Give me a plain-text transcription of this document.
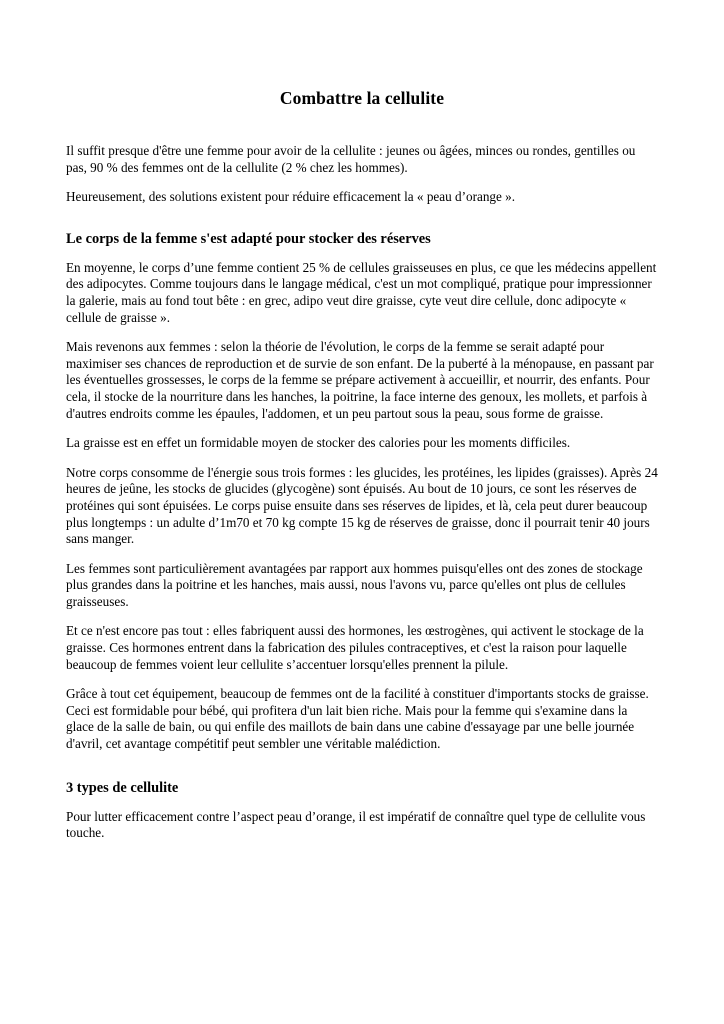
Combattre la cellulite

Il suffit presque d'être une femme pour avoir de la cellulite : jeunes ou âgées, minces ou rondes, gentilles ou pas, 90 % des femmes ont de la cellulite (2 % chez les hommes).

Heureusement, des solutions existent pour réduire efficacement la « peau d’orange ».

Le corps de la femme s'est adapté pour stocker des réserves

En moyenne, le corps d’une femme contient 25 % de cellules graisseuses en plus, ce que les médecins appellent des adipocytes. Comme toujours dans le langage médical, c'est un mot compliqué, pratique pour impressionner la galerie, mais au fond tout bête : en grec, adipo veut dire graisse, cyte veut dire cellule, donc adipocyte « cellule de graisse ».

Mais revenons aux femmes : selon la théorie de l'évolution, le corps de la femme se serait adapté pour maximiser ses chances de reproduction et de survie de son enfant. De la puberté à la ménopause, en passant par les éventuelles grossesses, le corps de la femme se prépare activement à accueillir, et nourrir, des enfants. Pour cela, il stocke de la nourriture dans les hanches, la poitrine, la face interne des genoux, les mollets, et parfois à d'autres endroits comme les épaules, l'addomen, et un peu partout sous la peau, sous forme de graisse.

La graisse est en effet un formidable moyen de stocker des calories pour les moments difficiles.

Notre corps consomme de l'énergie sous trois formes : les glucides, les protéines, les lipides (graisses). Après 24 heures de jeûne, les stocks de glucides (glycogène) sont épuisés. Au bout de 10 jours, ce sont les réserves de protéines qui sont épuisées. Le corps puise ensuite dans ses réserves de lipides, et là, cela peut durer beaucoup plus longtemps : un adulte d’1m70 et 70 kg compte 15 kg de réserves de graisse, donc il pourrait tenir 40 jours sans manger.

Les femmes sont particulièrement avantagées par rapport aux hommes puisqu'elles ont des zones de stockage plus grandes dans la poitrine et les hanches, mais aussi, nous l'avons vu, parce qu'elles ont plus de cellules graisseuses.

Et ce n'est encore pas tout : elles fabriquent aussi des hormones, les œstrogènes, qui activent le stockage de la graisse. Ces hormones entrent dans la fabrication des pilules contraceptives, et c'est la raison pour laquelle beaucoup de femmes voient leur cellulite s’accentuer lorsqu'elles prennent la pilule.

Grâce à tout cet équipement, beaucoup de femmes ont de la facilité à constituer d'importants stocks de graisse. Ceci est formidable pour bébé, qui profitera d'un lait bien riche. Mais pour la femme qui s'examine dans la glace de la salle de bain, ou qui enfile des maillots de bain dans une cabine d'essayage par une belle journée d'avril, cet avantage compétitif peut sembler une véritable malédiction.

3 types de cellulite

Pour lutter efficacement contre l’aspect peau d’orange, il est impératif de connaître quel type de cellulite vous touche.
